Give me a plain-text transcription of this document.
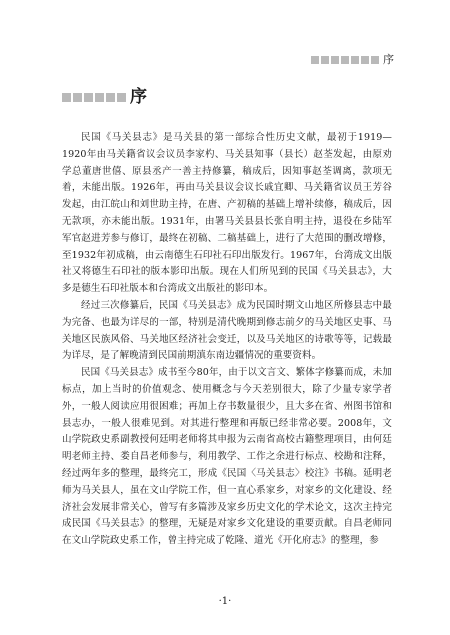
序
序

民国《马关县志》是马关县的第一部综合性历史文献，最初于1919—1920年由马关籍省议会议员李家杓、马关县知事（县长）赵荃发起，由原劝学总董唐世僖、原县丞产一善主持修纂，稿成后，因知事赵荃调离，款项无着，未能出版。1926年，再由马关县议会议长戚宜卿、马关籍省议员王芳谷发起，由江皖山和刘世助主持，在唐、产初稿的基础上增补续修，稿成后，因无款项，亦未能出版。1931年，由署马关县县长张自明主持，退役在乡陆军军官赵进芳参与修订，最终在初稿、二稿基础上，进行了大范围的删改增修，至1932年初成稿，由云南德生石印社石印出版发行。1967年，台湾成文出版社又将德生石印社的版本影印出版。现在人们所见到的民国《马关县志》，大多是德生石印社版本和台湾成文出版社的影印本。

经过三次修纂后，民国《马关县志》成为民国时期文山地区所修县志中最为完备、也最为详尽的一部，特别是清代晚期到修志前夕的马关地区史事、马关地区民族风俗、马关地区经济社会变迁，以及马关地区的诗歌等等，记载最为详尽，是了解晚清到民国前期滇东南边疆情况的重要资料。

民国《马关县志》成书至今80年，由于以文言文、繁体字修纂而成，未加标点，加上当时的价值观念、使用概念与今天差别很大，除了少量专家学者外，一般人阅读应用很困难；再加上存书数量很少，且大多在省、州图书馆和县志办，一般人很难见到。对其进行整理和再版已经非常必要。2008年，文山学院政史系副教授何廷明老师将其申报为云南省高校古籍整理项目，由何廷明老师主持、娄自昌老师参与，利用教学、工作之余进行标点、校勘和注释，经过两年多的整理，最终完工，形成《民国〈马关县志〉校注》书稿。延明老师为马关县人，虽在文山学院工作，但一直心系家乡，对家乡的文化建设、经济社会发展非常关心，曾写有多篇涉及家乡历史文化的学术论文，这次主持完成民国《马关县志》的整理，无疑是对家乡文化建设的重要贡献。自昌老师同在文山学院政史系工作，曾主持完成了乾隆、道光《开化府志》的整理，参

·1·
